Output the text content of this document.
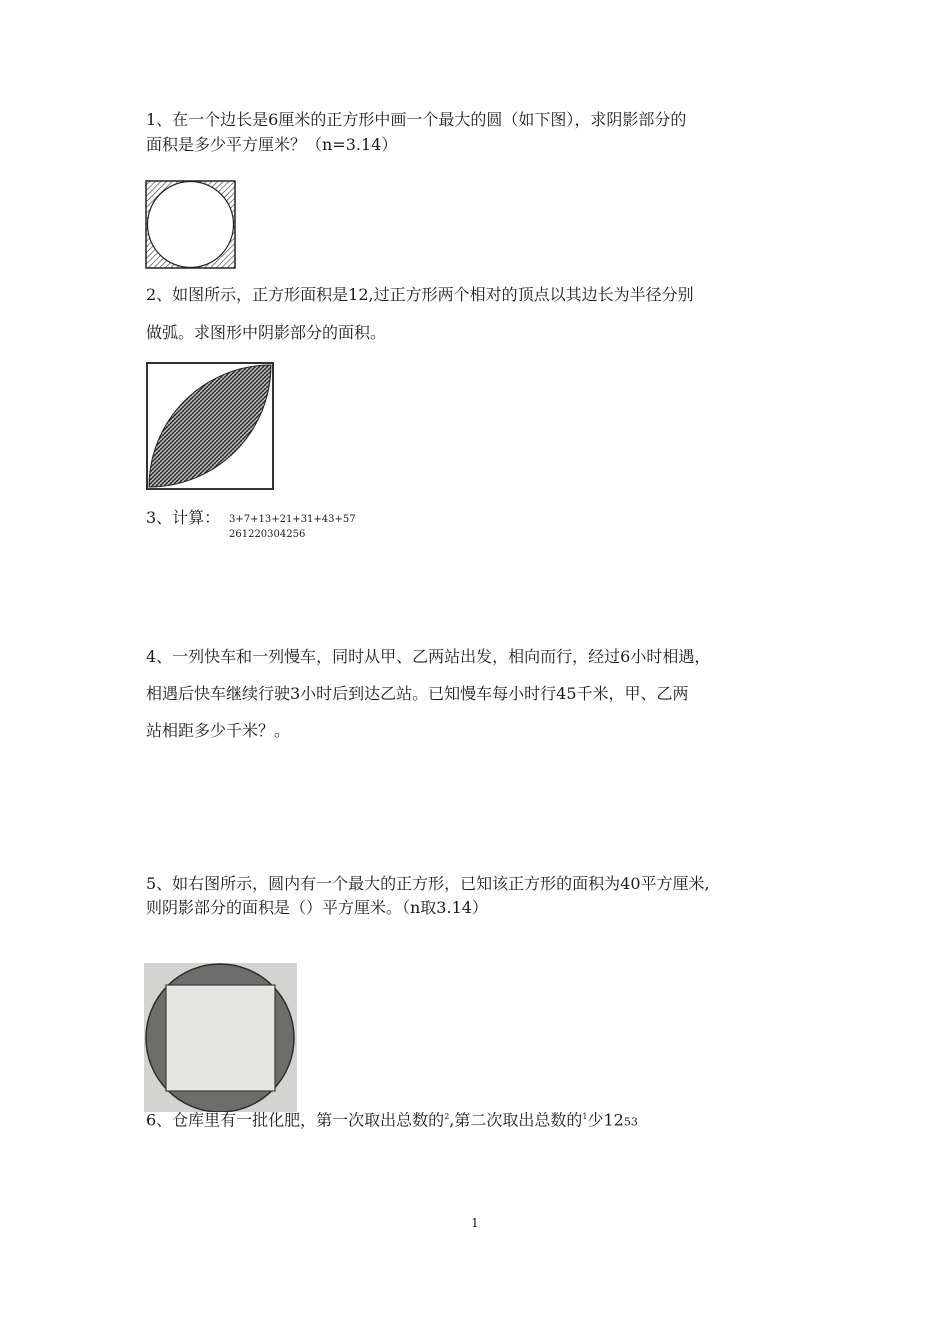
1、在一个边长是6厘米的正方形中画一个最大的圆（如下图），求阴影部分的
面积是多少平方厘米？（n=3.14）
2、如图所示，正方形面积是12,过正方形两个相对的顶点以其边长为半径分别
做弧。求图形中阴影部分的面积。
3、计算： 3+7+13+21+31+43+57
261220304256
4、一列快车和一列慢车，同时从甲、乙两站出发，相向而行，经过6小时相遇，
相遇后快车继续行驶3小时后到达乙站。已知慢车每小时行45千米，甲、乙两
站相距多少千米？。
5、如右图所示，圆内有一个最大的正方形，已知该正方形的面积为40平方厘米,
则阴影部分的面积是（）平方厘米。（n取3.14）
6、仓库里有一批化肥，第一次取出总数的$^2$,第二次取出总数的$^1$少1253
1
